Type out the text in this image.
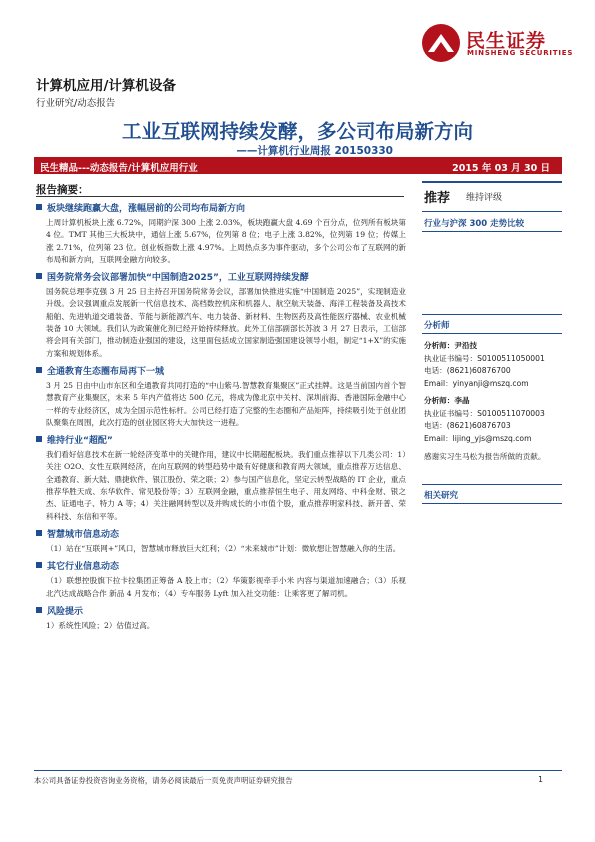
民生证券
MINSHENG SECURITIES
计算机应用/计算机设备
行业研究/动态报告
工业互联网持续发酵，多公司布局新方向
——计算机行业周报 20150330
民生精品---动态报告/计算机应用行业	2015 年 03 月 30 日
报告摘要：
板块继续跑赢大盘，涨幅居前的公司均布局新方向

上周计算机板块上涨 6.72%，同期沪深 300 上涨 2.03%，板块跑赢大盘 4.69 个百分点，位列所有板块第 4 位。TMT 其他三大板块中，通信上涨 5.67%，位列第 8 位；电子上涨 3.82%，位列第 19 位；传媒上涨 2.71%，位列第 23 位。创业板指数上涨 4.97%。上周热点多为事件驱动，多个公司公布了互联网的新布局和新方向，互联网金融方向较多。

国务院常务会议部署加快“中国制造2025”，工业互联网持续发酵

国务院总理李克强 3 月 25 日主持召开国务院常务会议，部署加快推进实施“中国制造 2025”，实现制造业升级。会议强调重点发展新一代信息技术、高档数控机床和机器人、航空航天装备、海洋工程装备及高技术船舶、先进轨道交通装备、节能与新能源汽车、电力装备、新材料、生物医药及高性能医疗器械、农业机械装备 10 大领域。我们认为政策催化剂已经开始持续释放。此外工信部副部长苏波 3 月 27 日表示，工信部将会同有关部门，推动制造业强国的建设，这里面包括成立国家制造强国建设领导小组，制定“1+X”的实施方案和规划体系。

全通教育生态圈布局再下一城

3 月 25 日由中山市东区和全通教育共同打造的“中山紫马.智慧教育集聚区”正式挂牌。这是当前国内首个智慧教育产业集聚区，未来 5 年内产值将达 500 亿元，将成为像北京中关村、深圳前海、香港国际金融中心一样的专业经济区，成为全国示范性标杆。公司已经打造了完整的生态圈和产品矩阵，持续吸引处于创业团队聚集在周围，此次打造的创业园区将大大加快这一进程。

维持行业“超配”

我们看好信息技术在新一轮经济变革中的关键作用，建议中长期超配板块。我们重点推荐以下几类公司：1）关注 O2O、女性互联网经济，在向互联网的转型趋势中最有好健康和教育两大领域，重点推荐万达信息、全通教育、新大陆、鼎捷软件、银江股份、荣之联；2）参与国产信息化，坚定云转型战略的 IT 企业，重点推荐华胜天成、东华软件、常见股份等；3）互联网金融，重点推荐恒生电子、用友网络、中科金财、银之杰、证通电子、特力 A 等；4）关注融网转型以及并购成长的小市值个股，重点推荐明家科技、新开普、荣科科技、东信和平等。

智慧城市信息动态

（1）站在“互联网+”风口，智慧城市释放巨大红利；（2）“未来城市”计划：微软想让智慧融入你的生活。

其它行业信息动态

（1）联想控股旗下拉卡拉集团正筹备 A 股上市；（2）华策影视牵手小米 内容与渠道加速融合；（3）乐视北汽达成战略合作 新品 4 月发布；（4）专车服务 Lyft 加入社交功能：让乘客更了解司机。

风险提示

1）系统性风险；2）估值过高。

推荐 维持评级
行业与沪深 300 走势比较
分析师
分析师：尹沿技
执业证书编号：S0100511050001
电话：(8621)60876700
Email：yinyanji@mszq.com
分析师：李晶
执业证书编号：S0100511070003
电话：(8621)60876703
Email：lijing_yjs@mszq.com
感谢实习生马松为报告所做的贡献。
相关研究
本公司具备证券投资咨询业务资格，请务必阅读最后一页免责声明证券研究报告	1
